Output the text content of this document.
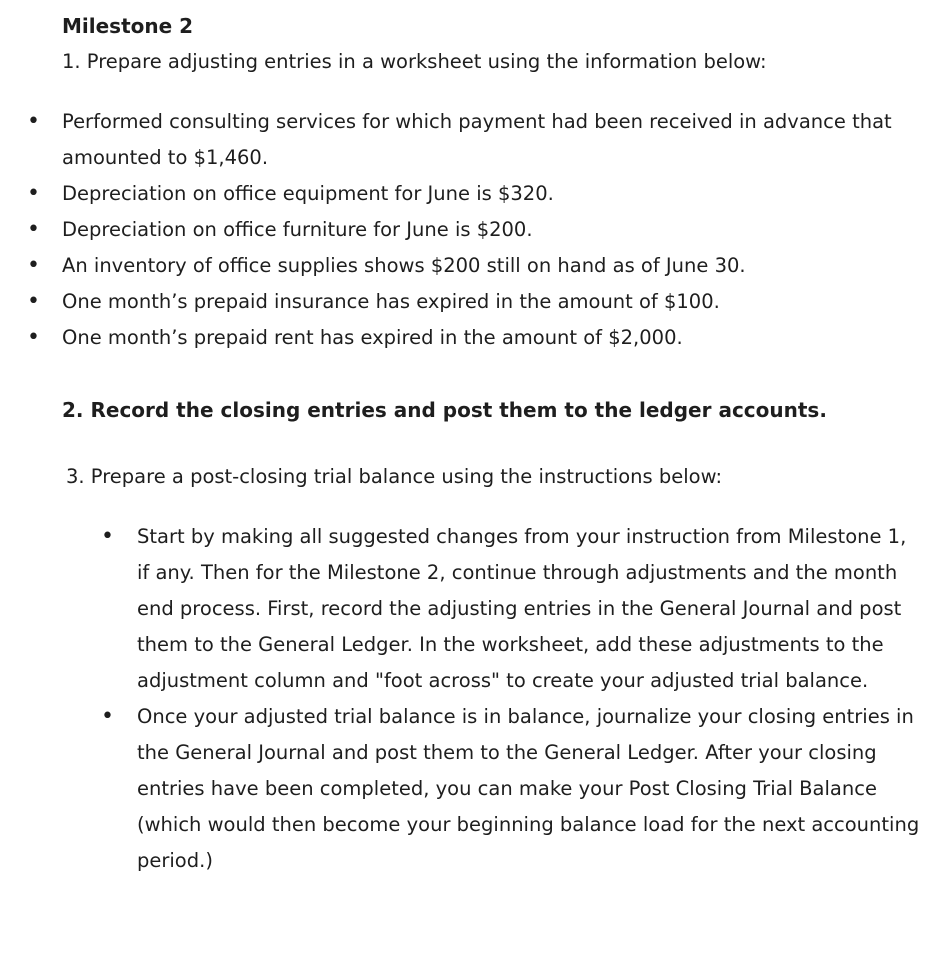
Milestone 2

1. Prepare adjusting entries in a worksheet using the information below:

• Performed consulting services for which payment had been received in advance that amounted to $1,460.
• Depreciation on office equipment for June is $320.
• Depreciation on office furniture for June is $200.
• An inventory of office supplies shows $200 still on hand as of June 30.
• One month’s prepaid insurance has expired in the amount of $100.
• One month’s prepaid rent has expired in the amount of $2,000.

2. Record the closing entries and post them to the ledger accounts.

3. Prepare a post-closing trial balance using the instructions below:

• Start by making all suggested changes from your instruction from Milestone 1, if any. Then for the Milestone 2, continue through adjustments and the month end process. First, record the adjusting entries in the General Journal and post them to the General Ledger. In the worksheet, add these adjustments to the adjustment column and "foot across" to create your adjusted trial balance.
• Once your adjusted trial balance is in balance, journalize your closing entries in the General Journal and post them to the General Ledger. After your closing entries have been completed, you can make your Post Closing Trial Balance (which would then become your beginning balance load for the next accounting period.)
